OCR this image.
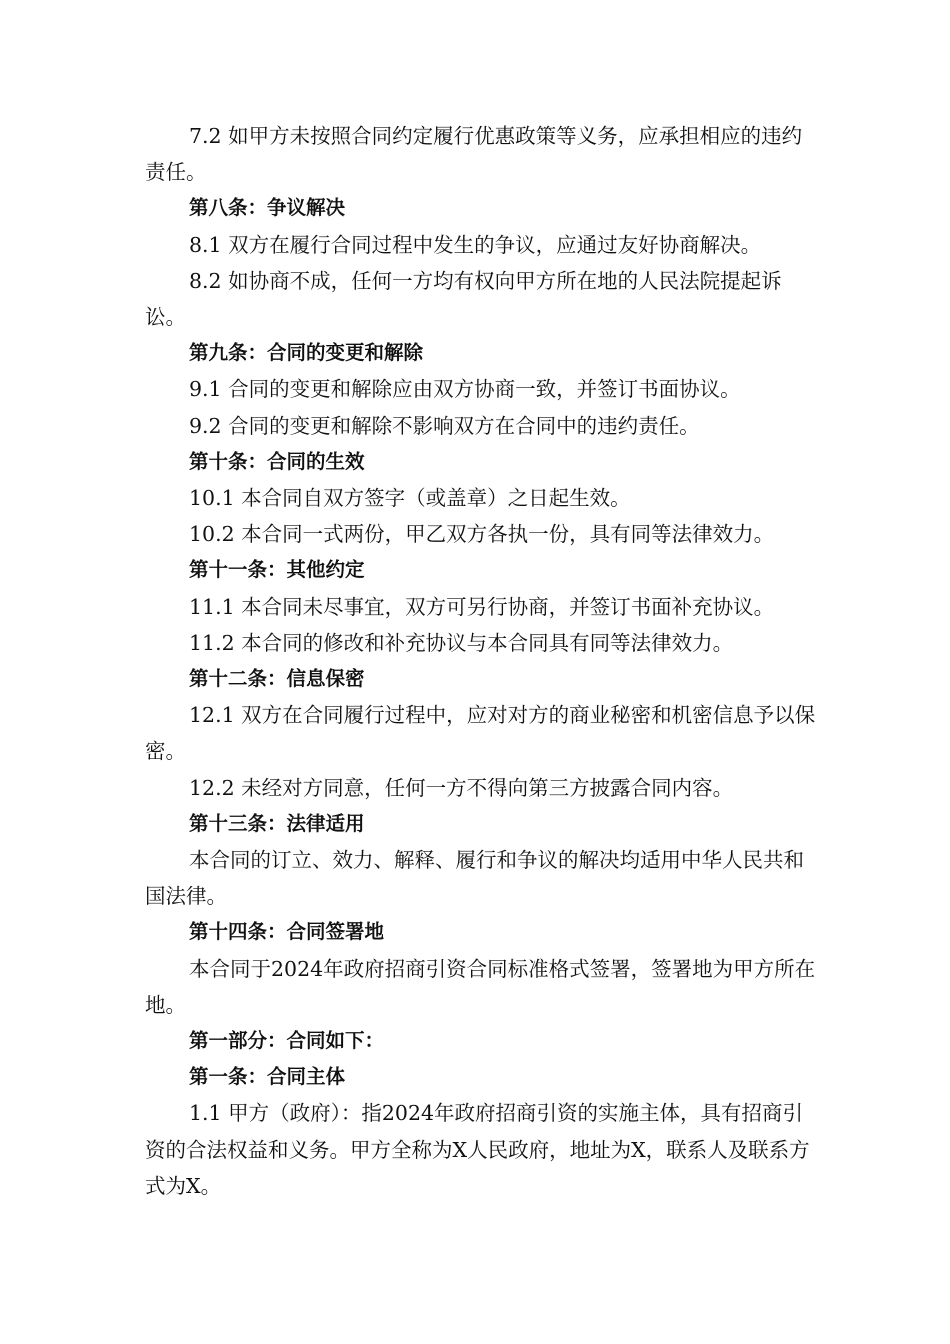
7.2 如甲方未按照合同约定履行优惠政策等义务，应承担相应的违约责任。

第八条：争议解决

8.1 双方在履行合同过程中发生的争议，应通过友好协商解决。

8.2 如协商不成，任何一方均有权向甲方所在地的人民法院提起诉讼。

第九条：合同的变更和解除

9.1 合同的变更和解除应由双方协商一致，并签订书面协议。

9.2 合同的变更和解除不影响双方在合同中的违约责任。

第十条：合同的生效

10.1 本合同自双方签字（或盖章）之日起生效。

10.2 本合同一式两份，甲乙双方各执一份，具有同等法律效力。

第十一条：其他约定

11.1 本合同未尽事宜，双方可另行协商，并签订书面补充协议。

11.2 本合同的修改和补充协议与本合同具有同等法律效力。

第十二条：信息保密

12.1 双方在合同履行过程中，应对对方的商业秘密和机密信息予以保密。

12.2 未经对方同意，任何一方不得向第三方披露合同内容。

第十三条：法律适用

本合同的订立、效力、解释、履行和争议的解决均适用中华人民共和国法律。

第十四条：合同签署地

本合同于2024年政府招商引资合同标准格式签署，签署地为甲方所在地。

第一部分：合同如下：

第一条：合同主体

1.1 甲方（政府）：指2024年政府招商引资的实施主体，具有招商引资的合法权益和义务。甲方全称为X人民政府，地址为X，联系人及联系方式为X。
